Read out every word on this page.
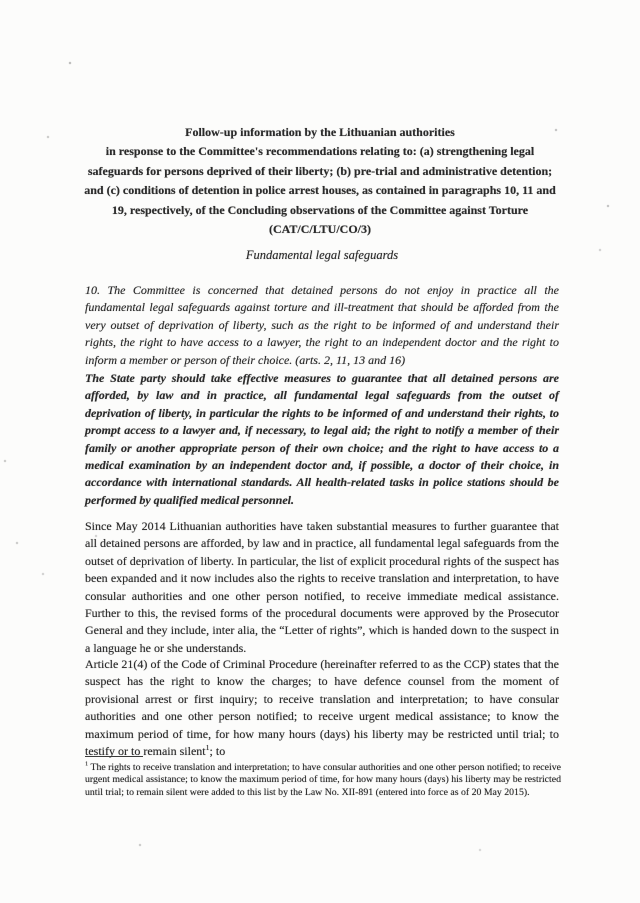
Follow-up information by the Lithuanian authorities
in response to the Committee's recommendations relating to: (a) strengthening legal
safeguards for persons deprived of their liberty; (b) pre-trial and administrative detention;
and (c) conditions of detention in police arrest houses, as contained in paragraphs 10, 11 and
19, respectively, of the Concluding observations of the Committee against Torture
(CAT/C/LTU/CO/3)
Fundamental legal safeguards

10. The Committee is concerned that detained persons do not enjoy in practice all the fundamental legal safeguards against torture and ill-treatment that should be afforded from the very outset of deprivation of liberty, such as the right to be informed of and understand their rights, the right to have access to a lawyer, the right to an independent doctor and the right to inform a member or person of their choice. (arts. 2, 11, 13 and 16)

The State party should take effective measures to guarantee that all detained persons are afforded, by law and in practice, all fundamental legal safeguards from the outset of deprivation of liberty, in particular the rights to be informed of and understand their rights, to prompt access to a lawyer and, if necessary, to legal aid; the right to notify a member of their family or another appropriate person of their own choice; and the right to have access to a medical examination by an independent doctor and, if possible, a doctor of their choice, in accordance with international standards. All health-related tasks in police stations should be performed by qualified medical personnel.

Since May 2014 Lithuanian authorities have taken substantial measures to further guarantee that all detained persons are afforded, by law and in practice, all fundamental legal safeguards from the outset of deprivation of liberty. In particular, the list of explicit procedural rights of the suspect has been expanded and it now includes also the rights to receive translation and interpretation, to have consular authorities and one other person notified, to receive immediate medical assistance. Further to this, the revised forms of the procedural documents were approved by the Prosecutor General and they include, inter alia, the “Letter of rights”, which is handed down to the suspect in a language he or she understands.

Article 21(4) of the Code of Criminal Procedure (hereinafter referred to as the CCP) states that the suspect has the right to know the charges; to have defence counsel from the moment of provisional arrest or first inquiry; to receive translation and interpretation; to have consular authorities and one other person notified; to receive urgent medical assistance; to know the maximum period of time, for how many hours (days) his liberty may be restricted until trial; to testify or to remain silent$^1$; to

$^1$ The rights to receive translation and interpretation; to have consular authorities and one other person notified; to receive urgent medical assistance; to know the maximum period of time, for how many hours (days) his liberty may be restricted until trial; to remain silent were added to this list by the Law No. XII-891 (entered into force as of 20 May 2015).
